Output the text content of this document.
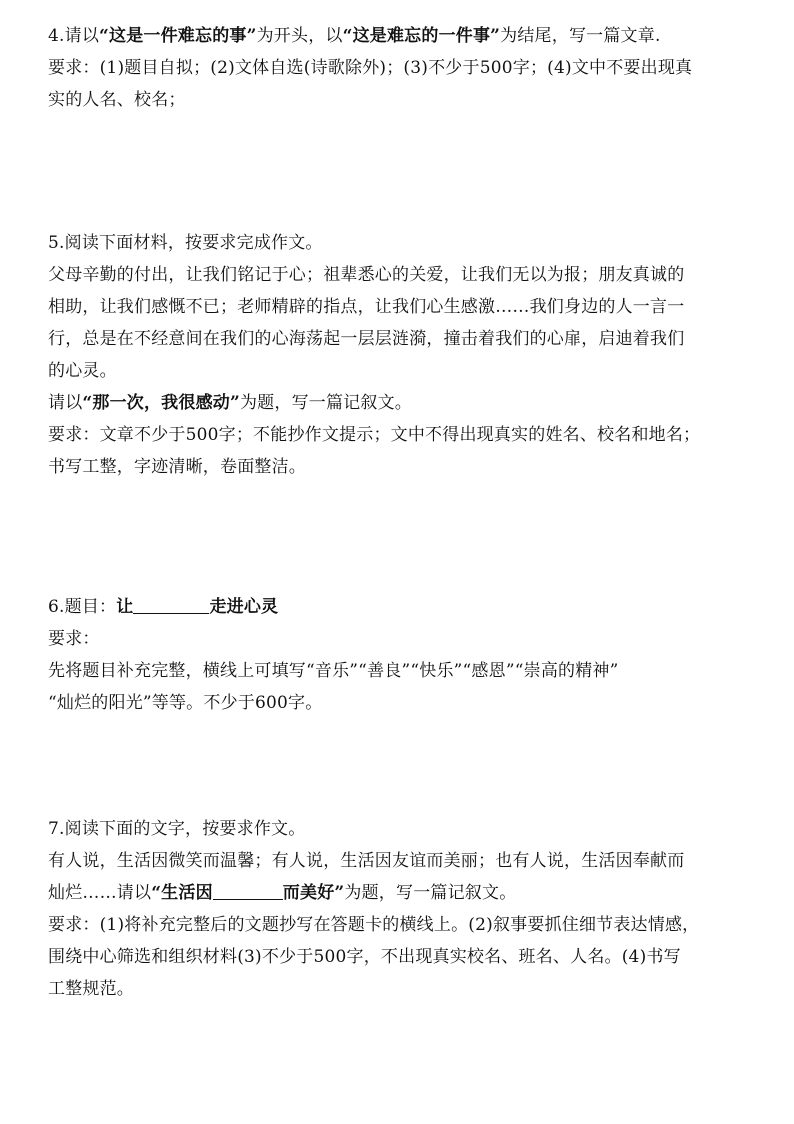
4.请以“这是一件难忘的事”为开头，以“这是难忘的一件事”为结尾，写一篇文章.
要求：(1)题目自拟；(2)文体自选(诗歌除外)；(3)不少于500字；(4)文中不要出现真
实的人名、校名；
5.阅读下面材料，按要求完成作文。
父母辛勤的付出，让我们铭记于心；祖辈悉心的关爱，让我们无以为报；朋友真诚的
相助，让我们感慨不已；老师精辟的指点，让我们心生感激……我们身边的人一言一
行，总是在不经意间在我们的心海荡起一层层涟漪，撞击着我们的心扉，启迪着我们
的心灵。
请以“那一次，我很感动”为题，写一篇记叙文。
要求：文章不少于500字；不能抄作文提示；文中不得出现真实的姓名、校名和地名；
书写工整，字迹清晰，卷面整洁。
6.题目：让	走进心灵
要求：
先将题目补充完整，横线上可填写“音乐”“善良”“快乐”“感恩”“崇高的精神”
“灿烂的阳光”等等。不少于600字。
7.阅读下面的文字，按要求作文。
有人说，生活因微笑而温馨；有人说，生活因友谊而美丽；也有人说，生活因奉献而
灿烂……请以“生活因	而美好”为题，写一篇记叙文。
要求：(1)将补充完整后的文题抄写在答题卡的横线上。(2)叙事要抓住细节表达情感，
围绕中心筛选和组织材料(3)不少于500字，不出现真实校名、班名、人名。(4)书写
工整规范。
